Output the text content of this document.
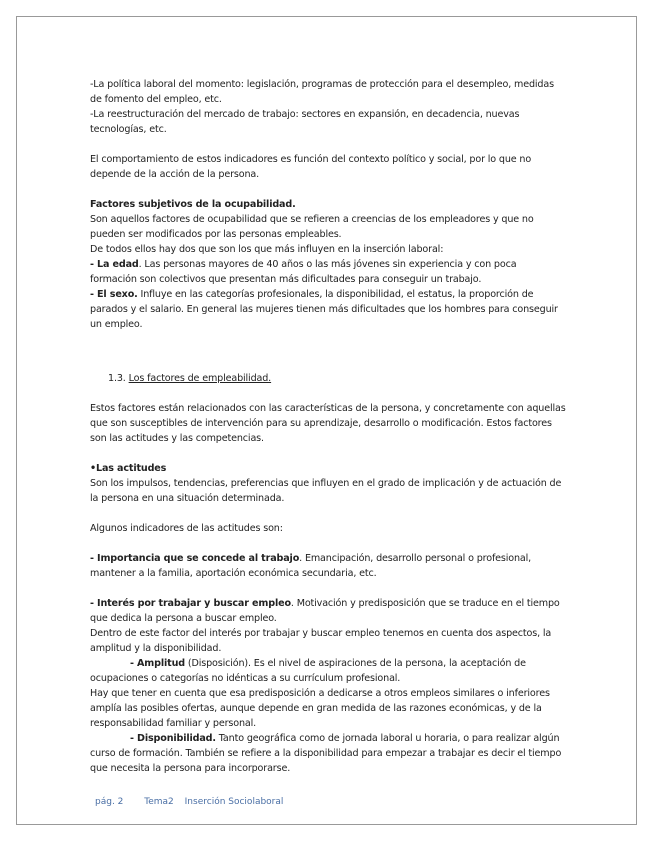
-La política laboral del momento: legislación, programas de protección para el desempleo, medidas de fomento del empleo, etc.

-La reestructuración del mercado de trabajo: sectores en expansión, en decadencia, nuevas tecnologías, etc.

El comportamiento de estos indicadores es función del contexto político y social, por lo que no depende de la acción de la persona.

Factores subjetivos de la ocupabilidad.

Son aquellos factores de ocupabilidad que se refieren a creencias de los empleadores y que no pueden ser modificados por las personas empleables.

De todos ellos hay dos que son los que más influyen en la inserción laboral:

- La edad. Las personas mayores de 40 años o las más jóvenes sin experiencia y con poca formación son colectivos que presentan más dificultades para conseguir un trabajo.

- El sexo. Influye en las categorías profesionales, la disponibilidad, el estatus, la proporción de parados y el salario. En general las mujeres tienen más dificultades que los hombres para conseguir un empleo.

1.3. Los factores de empleabilidad.

Estos factores están relacionados con las características de la persona, y concretamente con aquellas que son susceptibles de intervención para su aprendizaje, desarrollo o modificación. Estos factores son las actitudes y las competencias.

•Las actitudes

Son los impulsos, tendencias, preferencias que influyen en el grado de implicación y de actuación de la persona en una situación determinada.

Algunos indicadores de las actitudes son:

- Importancia que se concede al trabajo. Emancipación, desarrollo personal o profesional, mantener a la familia, aportación económica secundaria, etc.

- Interés por trabajar y buscar empleo. Motivación y predisposición que se traduce en el tiempo que dedica la persona a buscar empleo.

Dentro de este factor del interés por trabajar y buscar empleo tenemos en cuenta dos aspectos, la amplitud y la disponibilidad.

- Amplitud (Disposición). Es el nivel de aspiraciones de la persona, la aceptación de ocupaciones o categorías no idénticas a su currículum profesional.

Hay que tener en cuenta que esa predisposición a dedicarse a otros empleos similares o inferiores amplía las posibles ofertas, aunque depende en gran medida de las razones económicas, y de la responsabilidad familiar y personal.

- Disponibilidad. Tanto geográfica como de jornada laboral u horaria, o para realizar algún curso de formación. También se refiere a la disponibilidad para empezar a trabajar es decir el tiempo que necesita la persona para incorporarse.

pág. 2 Tema2 Inserción Sociolaboral
